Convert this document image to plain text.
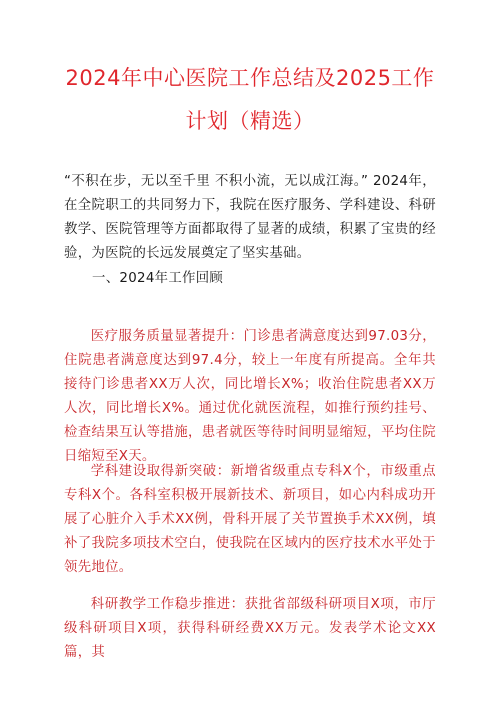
2024年中心医院工作总结及2025工作
计划（精选）
“不积在步，无以至千里 不积小流，无以成江海。” 2024年，在全院职工的共同努力下，我院在医疗服务、学科建设、科研教学、医院管理等方面都取得了显著的成绩，积累了宝贵的经验，为医院的长远发展奠定了坚实基础。
一、2024年工作回顾
医疗服务质量显著提升：门诊患者满意度达到97.03分，住院患者满意度达到97.4分，较上一年度有所提高。全年共接待门诊患者XX万人次，同比增长X%；收治住院患者XX万人次，同比增长X%。通过优化就医流程，如推行预约挂号、检查结果互认等措施，患者就医等待时间明显缩短，平均住院日缩短至X天。
学科建设取得新突破：新增省级重点专科X个，市级重点专科X个。各科室积极开展新技术、新项目，如心内科成功开展了心脏介入手术XX例，骨科开展了关节置换手术XX例，填补了我院多项技术空白，使我院在区域内的医疗技术水平处于领先地位。
科研教学工作稳步推进：获批省部级科研项目X项，市厅级科研项目X项，获得科研经费XX万元。发表学术论文XX篇，其
